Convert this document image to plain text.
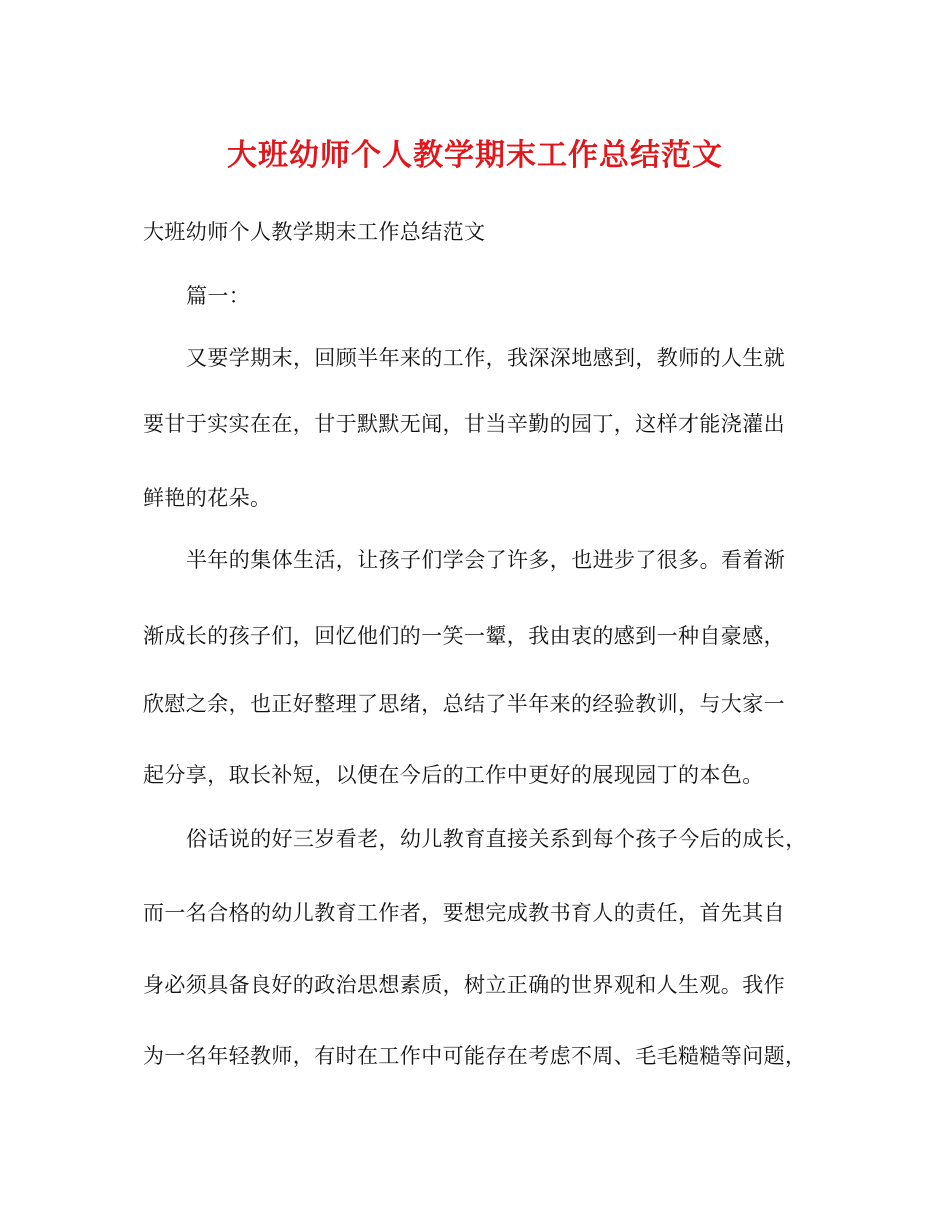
大班幼师个人教学期末工作总结范文
大班幼师个人教学期末工作总结范文
篇一：
又要学期末，回顾半年来的工作，我深深地感到，教师的人生就
要甘于实实在在，甘于默默无闻，甘当辛勤的园丁，这样才能浇灌出
鲜艳的花朵。
半年的集体生活，让孩子们学会了许多，也进步了很多。看着渐
渐成长的孩子们，回忆他们的一笑一颦，我由衷的感到一种自豪感，
欣慰之余，也正好整理了思绪，总结了半年来的经验教训，与大家一
起分享，取长补短，以便在今后的工作中更好的展现园丁的本色。
俗话说的好三岁看老，幼儿教育直接关系到每个孩子今后的成长，
而一名合格的幼儿教育工作者，要想完成教书育人的责任，首先其自
身必须具备良好的政治思想素质，树立正确的世界观和人生观。我作
为一名年轻教师，有时在工作中可能存在考虑不周、毛毛糙糙等问题，
